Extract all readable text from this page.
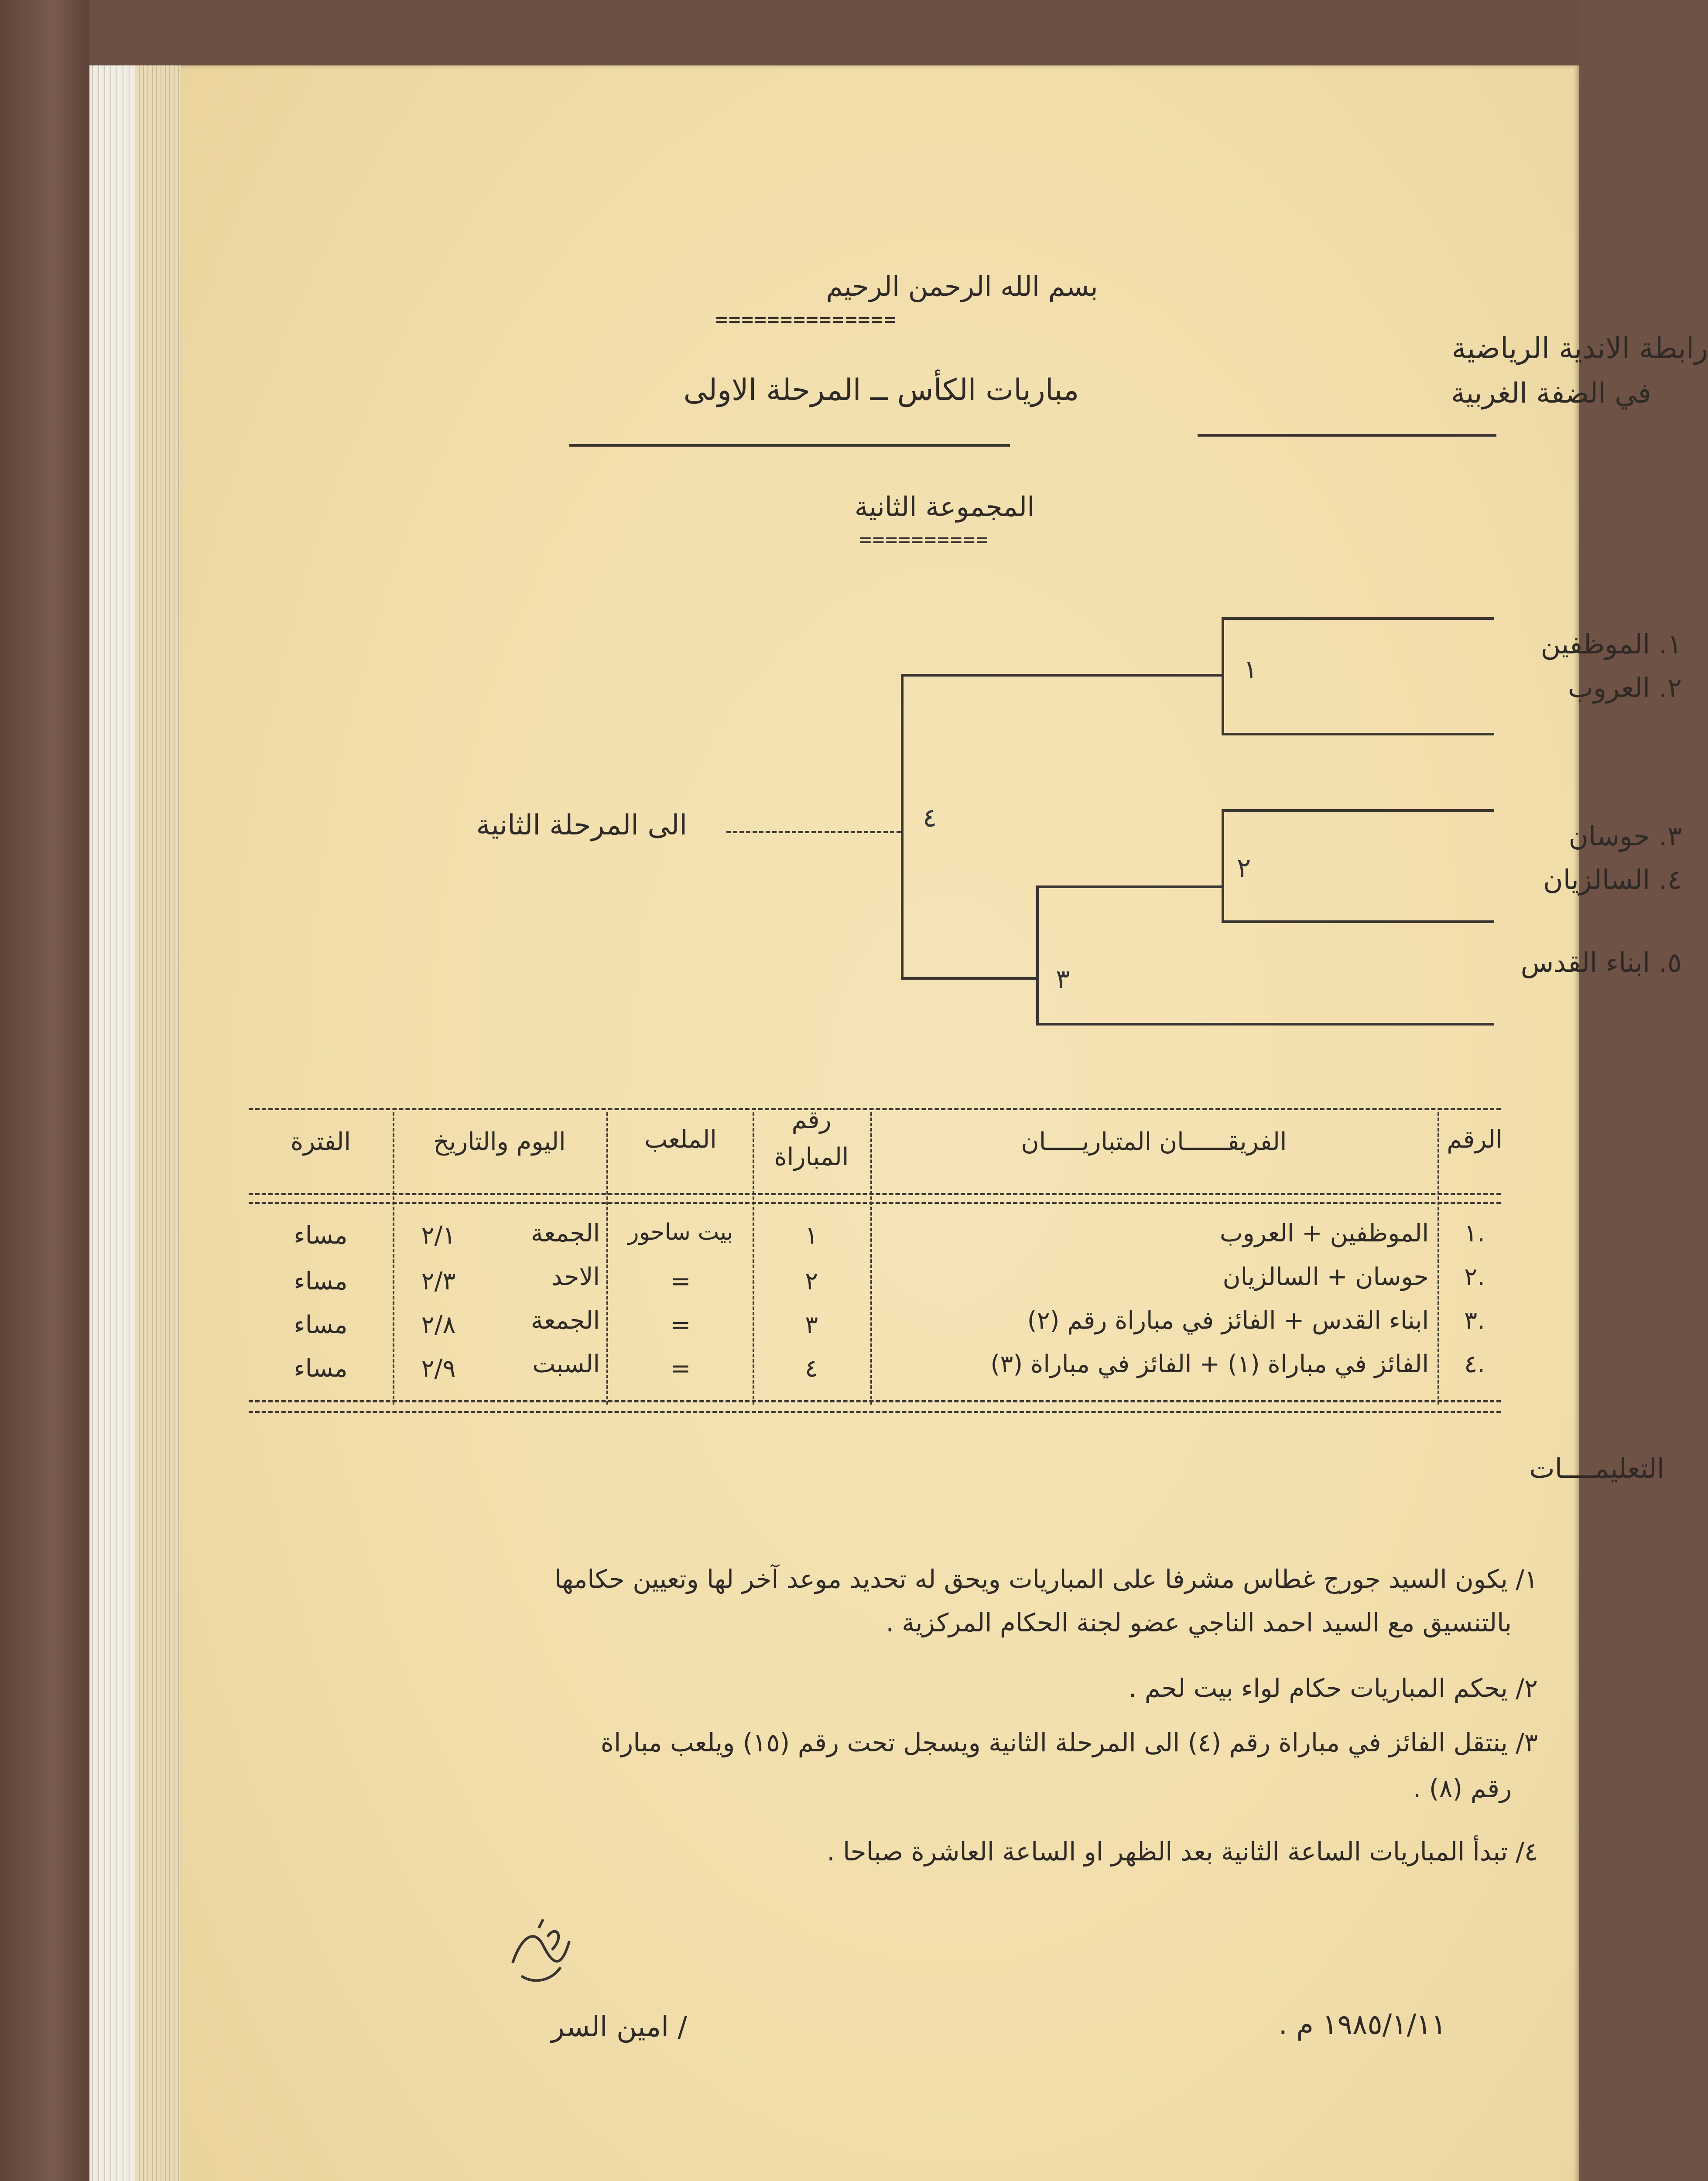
بسم الله الرحمن الرحيم
==============
رابطة الاندية الرياضية
في الضفة الغربية
مباريات الكأس ــ المرحلة الاولى
المجموعة الثانية
==========
١. الموظفين
٢. العروب
١
٣. حوسان
٤. السالزيان
٢
٥. ابناء القدس
٣
٤
الى المرحلة الثانية
الرقم
الفريقــــــان المتباريـــــان
رقم
المباراة
الملعب
اليوم والتاريخ
الفترة
١.
الموظفين + العروب
١
بيت ساحور
الجمعة
٢/١
مساء
٢.
حوسان + السالزيان
٢
=
الاحد
٢/٣
مساء
٣.
ابناء القدس + الفائز في مباراة رقم (٢)
٣
=
الجمعة
٢/٨
مساء
٤.
الفائز في مباراة (١) + الفائز في مباراة (٣)
٤
=
السبت
٢/٩
مساء
التعليمــــات
١/ يكون السيد جورج غطاس مشرفا على المباريات ويحق له تحديد موعد آخر لها وتعيين حكامها
بالتنسيق مع السيد احمد الناجي عضو لجنة الحكام المركزية .
٢/ يحكم المباريات حكام لواء بيت لحم .
٣/ ينتقل الفائز في مباراة رقم (٤) الى المرحلة الثانية ويسجل تحت رقم (١٥) ويلعب مباراة
رقم (٨) .
٤/ تبدأ المباريات الساعة الثانية بعد الظهر او الساعة العاشرة صباحا .
/ امين السر	١٩٨٥/١/١١ م .
